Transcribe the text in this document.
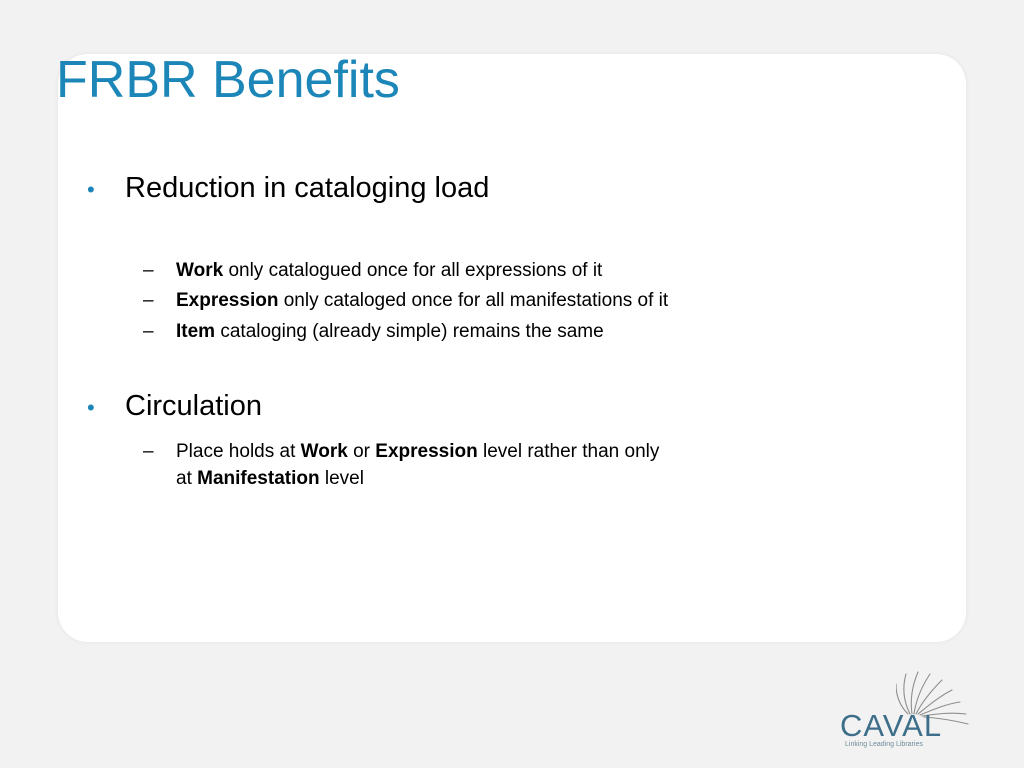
FRBR Benefits
•	Reduction in cataloging load
–	Work only catalogued once for all expressions of it
–	Expression only cataloged once for all manifestations of it
–	Item cataloging (already simple) remains the same
•	Circulation
–	Place holds at Work or Expression level rather than only
at Manifestation level
CAVAL
Linking Leading Libraries
